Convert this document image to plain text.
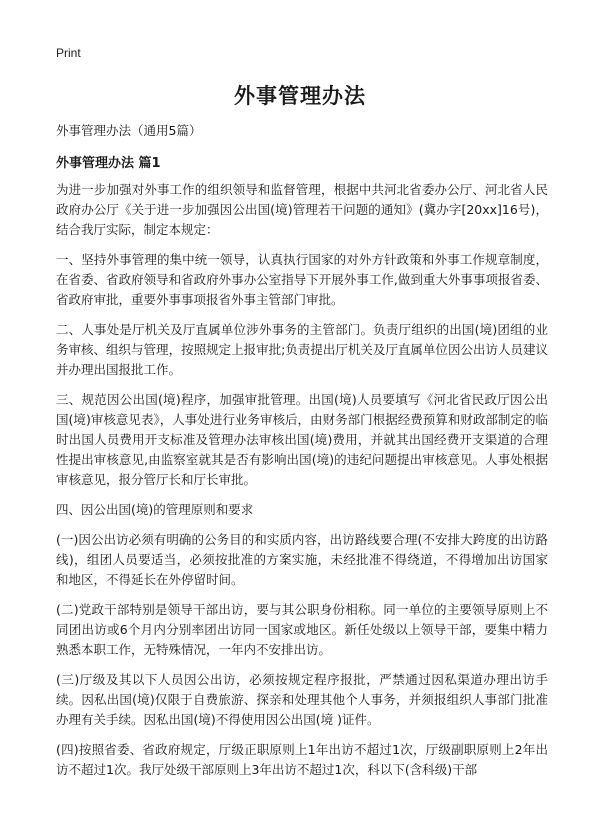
Print
外事管理办法
外事管理办法（通用5篇）
外事管理办法 篇1

为进一步加强对外事工作的组织领导和监督管理，根据中共河北省委办公厅、河北省人民政府办公厅《关于进一步加强因公出国(境)管理若干问题的通知》(冀办字[20xx]16号)，结合我厅实际，制定本规定：

一、坚持外事管理的集中统一领导，认真执行国家的对外方针政策和外事工作规章制度，在省委、省政府领导和省政府外事办公室指导下开展外事工作,做到重大外事事项报省委、省政府审批，重要外事事项报省外事主管部门审批。

二、人事处是厅机关及厅直属单位涉外事务的主管部门。负责厅组织的出国(境)团组的业务审核、组织与管理，按照规定上报审批;负责提出厅机关及厅直属单位因公出访人员建议并办理出国报批工作。

三、规范因公出国(境)程序，加强审批管理。出国(境)人员要填写《河北省民政厅因公出国(境)审核意见表》，人事处进行业务审核后，由财务部门根据经费预算和财政部制定的临时出国人员费用开支标准及管理办法审核出国(境)费用，并就其出国经费开支渠道的合理性提出审核意见,由监察室就其是否有影响出国(境)的违纪问题提出审核意见。人事处根据审核意见，报分管厅长和厅长审批。

四、因公出国(境)的管理原则和要求

(一)因公出访必须有明确的公务目的和实质内容，出访路线要合理(不安排大跨度的出访路线)，组团人员要适当，必须按批准的方案实施，未经批准不得绕道，不得增加出访国家和地区，不得延长在外停留时间。

(二)党政干部特别是领导干部出访，要与其公职身份相称。同一单位的主要领导原则上不同团出访或6个月内分别率团出访同一国家或地区。新任处级以上领导干部，要集中精力熟悉本职工作，无特殊情况，一年内不安排出访。

(三)厅级及其以下人员因公出访，必须按规定程序报批，严禁通过因私渠道办理出访手续。因私出国(境)仅限于自费旅游、探亲和处理其他个人事务，并须报组织人事部门批准办理有关手续。因私出国(境)不得使用因公出国(境 )证件。

(四)按照省委、省政府规定，厅级正职原则上1年出访不超过1次，厅级副职原则上2年出访不超过1次。我厅处级干部原则上3年出访不超过1次，科以下(含科级)干部
